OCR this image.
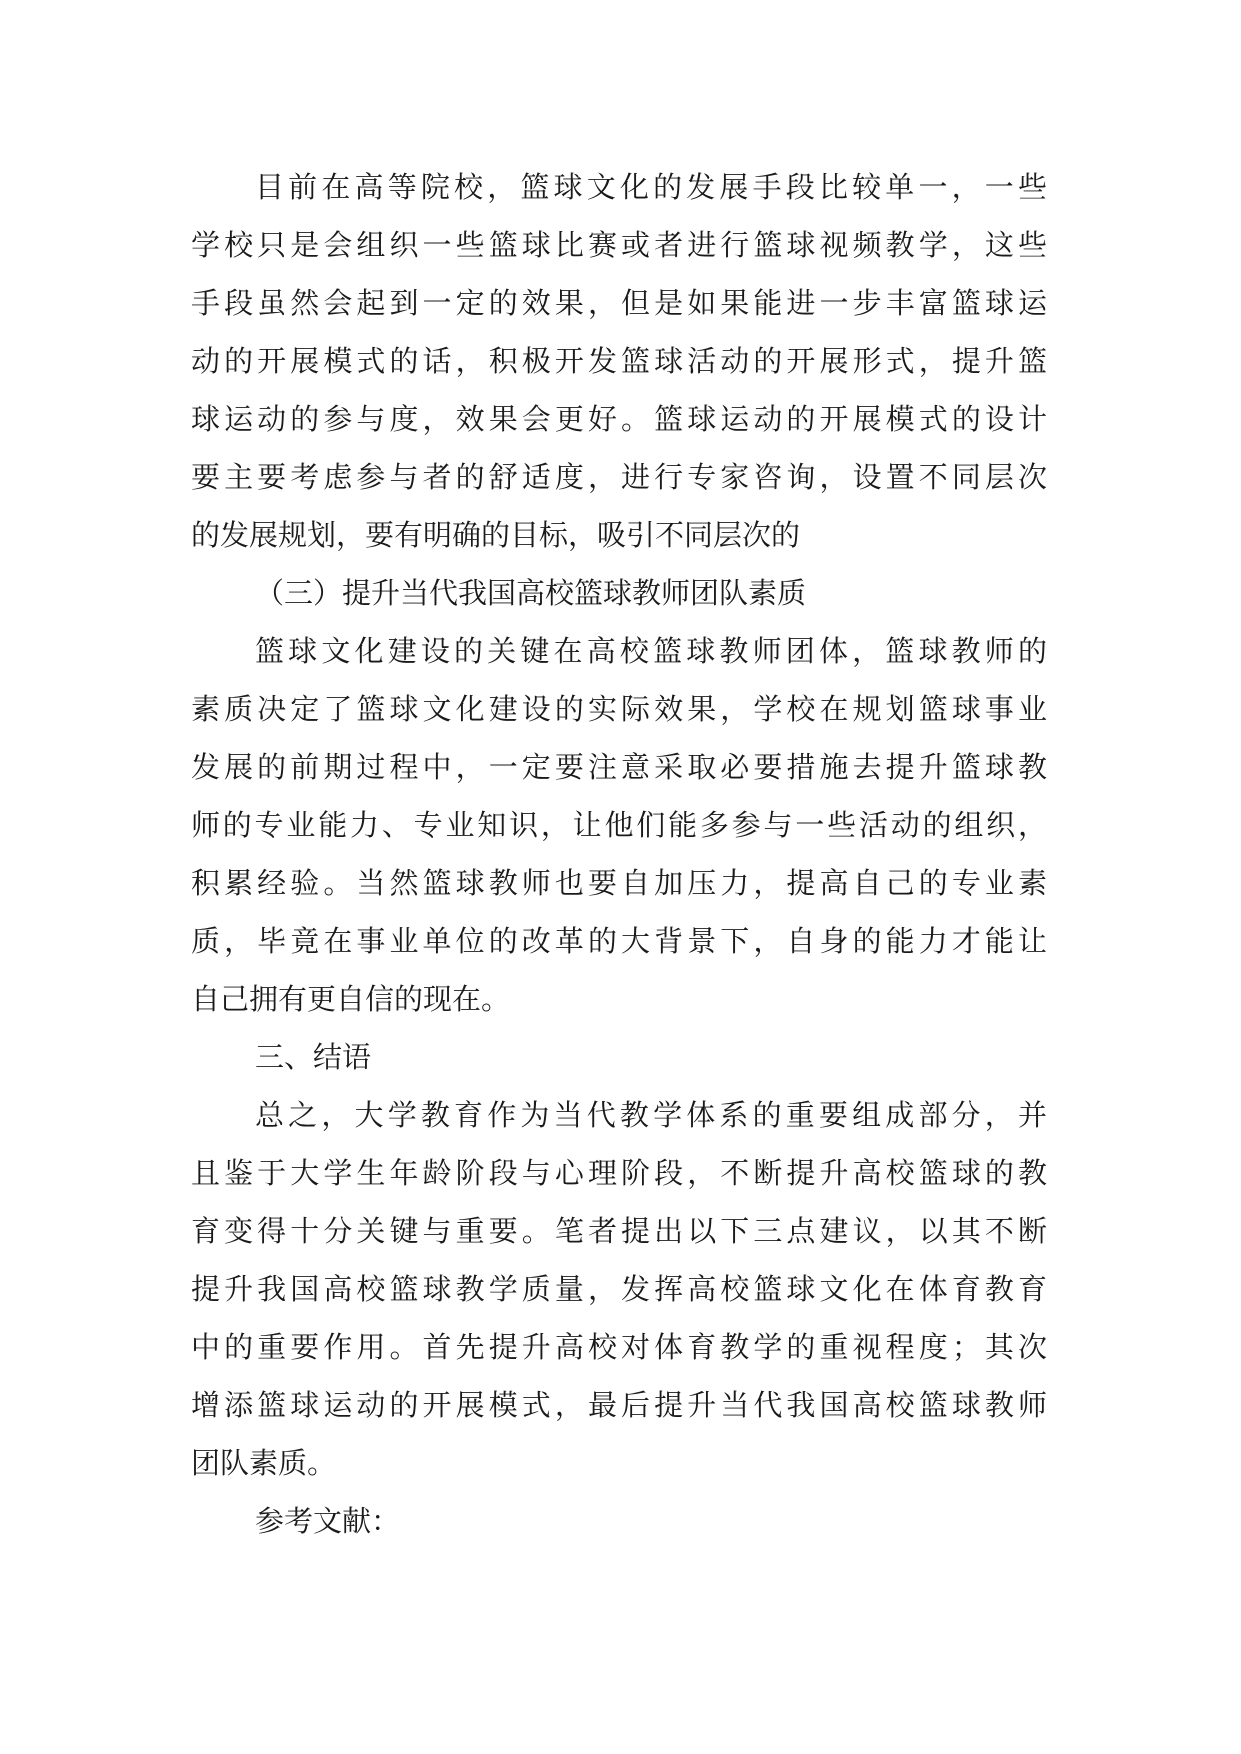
目前在高等院校，篮球文化的发展手段比较单一，一些
学校只是会组织一些篮球比赛或者进行篮球视频教学，这些
手段虽然会起到一定的效果，但是如果能进一步丰富篮球运
动的开展模式的话，积极开发篮球活动的开展形式，提升篮
球运动的参与度，效果会更好。篮球运动的开展模式的设计
要主要考虑参与者的舒适度，进行专家咨询，设置不同层次
的发展规划，要有明确的目标，吸引不同层次的
（三）提升当代我国高校篮球教师团队素质
篮球文化建设的关键在高校篮球教师团体，篮球教师的
素质决定了篮球文化建设的实际效果，学校在规划篮球事业
发展的前期过程中，一定要注意采取必要措施去提升篮球教
师的专业能力、专业知识，让他们能多参与一些活动的组织，
积累经验。当然篮球教师也要自加压力，提高自己的专业素
质，毕竟在事业单位的改革的大背景下，自身的能力才能让
自己拥有更自信的现在。
三、结语
总之，大学教育作为当代教学体系的重要组成部分，并
且鉴于大学生年龄阶段与心理阶段，不断提升高校篮球的教
育变得十分关键与重要。笔者提出以下三点建议，以其不断
提升我国高校篮球教学质量，发挥高校篮球文化在体育教育
中的重要作用。首先提升高校对体育教学的重视程度；其次
增添篮球运动的开展模式，最后提升当代我国高校篮球教师
团队素质。
参考文献：
